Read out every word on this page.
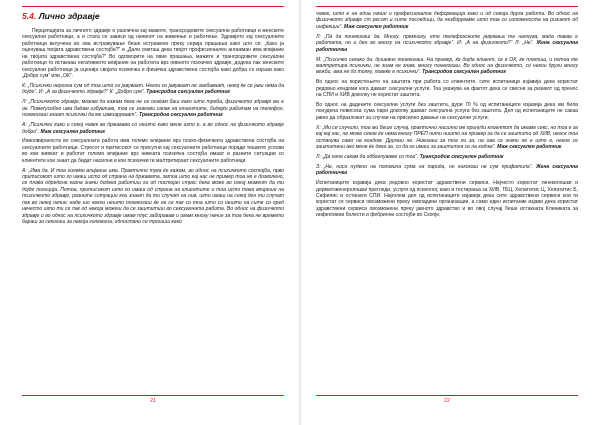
5.4. Лично здравје

Перцепцијата за личното здравје е различна кај мажите, трансродовите сексуални работници и женските сексуални работници, а и стата се зависи од начинот на живеење и работење. Здравјето кај сексуалните работници вклучени во ова истражување беше истражено преку серија прашања како што се: „Како ја оценуваш твојата здравствена состојба?“ и „Дали сметаш дека твојот професионален ангажман има влијание на твојата здравствена состојба?“ Во одговорите на овие прашања, мажите и трансродовите сексуални работници го истакнаа негативното влијание на работата врз нивното психичко здравје, додека пак женските сексуални работници ја оценија својата психичка и физичка здравствена состојба како добра со изрази како „Добро сум“ или „ОК“.

К: „Психички нерозна сум од тоа што се јавуваат. Некои се јавуваат не заебаваат, некој ќе се јави нема да дојде“. И: „А за физичкото здравје?“ К: „Добро сум“. Трансродов сексуален работник

Л: „Психичкото здравје, можам да кажам дека не се осеќам баш како што треба, физичкото здравје ми е ок. Помеѓусебно има бадам избувлива, тоа се знакови сапак на клиентите, бидејќи работам на телефон, понекогаш знаат психички да ме измоаруваат“. Трансродов сексуален работник

А: „Психички како и секој човек во државава со нешто како мене што е, а во однос на физичкото здравје добро“. Маж сексуален работник

Инволвираноста во сексуалната работа има големо влијание врз психо-физичката здравствена состојба на сексуалните работници. Стресот и притисокот се присутни кај сексуалните работници поради тешките услови во кои живеат и работат големо влијание врз нивната психичка состојба имаат и разните ситуации со клиентите кои знаат да бидат насилни и кои психички ги малтретираат сексуалните работници.

А: „Има да. И тоа големо влијание има. Практично тука ќе кажам, во однос на психичкото состојба, прво притисокот што го имаш исто од страна на државата, затоа што кај нас не пример тоа не е дозволено, се плаќа одредена казна значи додека работиш ги од постојан стрес дека може во секој момент да ти дојде полиција. Потоа, притисокот што го имаш од страна на клиентите и тоа исто така влијание на психичкото здравје, разните ситуации кои знаат да ти случат на нив, што имаш на секој ден ти случат пак во некој начин, каде шо некои нешто понекогаш ќе не се пак со тоа што со нешто на сите со пред нечесто што ти се пак од некоја можеш да се заштитиш во сексуалната работа. Во однос на физичкото здравје и во однос на психичкото здравје имам плус заборавам и имам многу начин за тоа дека не времето бараш за секогаш за некоја големина, одностано се трошиш како

21

човек, што е на една начин и професионална деформација како и од секоја друга работа. Во однос на физичкото здравје ст ресот и сите последици, да незборуваме што таа со изложеноста на ризикот од инфекции“. Маж сексуален работник

Л: „Па да понекогаш да. Многу, премногу, ете телефонските јавувања те напнува, мада таква е работата, но и ден во многу на психичкото здравје“. И: „А на физичкото?“ Л: „Не“. Жена сексуална работничка

М: „Психичко секако да, душевно понекогаш. На пример, ќе дојде клиент, се е ОК, ќе платиш, и потоа те малтретира психички, не знам не знам, многу понекогаш. Во однос на физичкото, со некои други многу вежби, ама не до толку, повеќе е психички“. Трансродов сексуален работник

Во однос на користењето на заштита при работа со клиентите, сите испитаници изјавија дека користат редовно кондоми кога даваат сексуални услуги. Тоа укажува на фактот дека се свесни за ризикот од пренос на СПИ и ХИВ доколку не користат заштита.

Во однос на дадените сексуални услуги без заштита, дури 70 % од испитаниците изјавија дека им била понудена повисока сума пари доколку даваат сексуална услуга без заштита. Дел од испитаниците не сакаа јавно да образложат за случаи на присилно давање на сексуални услуги.

Х: „Ми се случило, тоа ми беше случај, практично насилно ме принуди клиентот да имаме секс, но тоа е за кај кај нас, не може секое ќе нема многу ПРЕП нити ништо на пример за да се заштити од ХИВ, неосе тоа останува само на кондом. Другаш не. Никогаш за тоа ли за, на ова се значи не е што е, некое се заштитени ако мене ќе дека за, со да го имаш за заштитна се на кодом“. Маж сексуален работник

Л: „Да ноне сакам да одбегнуваме со тоа“. Трансродов сексуален работник

З: „Не, носо нудено на половина сума на парида, но никогаш не сум прифатила“. Жена сексуална работничка

Испитаниците изјавија дека редовно користат здравствени сервиси. Најчесто користат гинеколошки и дерматовенеролошки прегледи, услуги од психолог, како и тестирања за ХИВ, ТБЦ, Хепатитис Ц, Хепатитис Б, Сифилис и останати СПИ. Најголем дел од испитаниците изјавија дека сите здравствени сервиси кои ги користат се сервиси овозможени преку невладини организации, а само еден испитаник изјави дека користат здравствени сервиси овозможени преку јавното здравство и во овој случај беше истакната Клиниката за инфективни болести и фебрилни состојби во Скопје.

22
